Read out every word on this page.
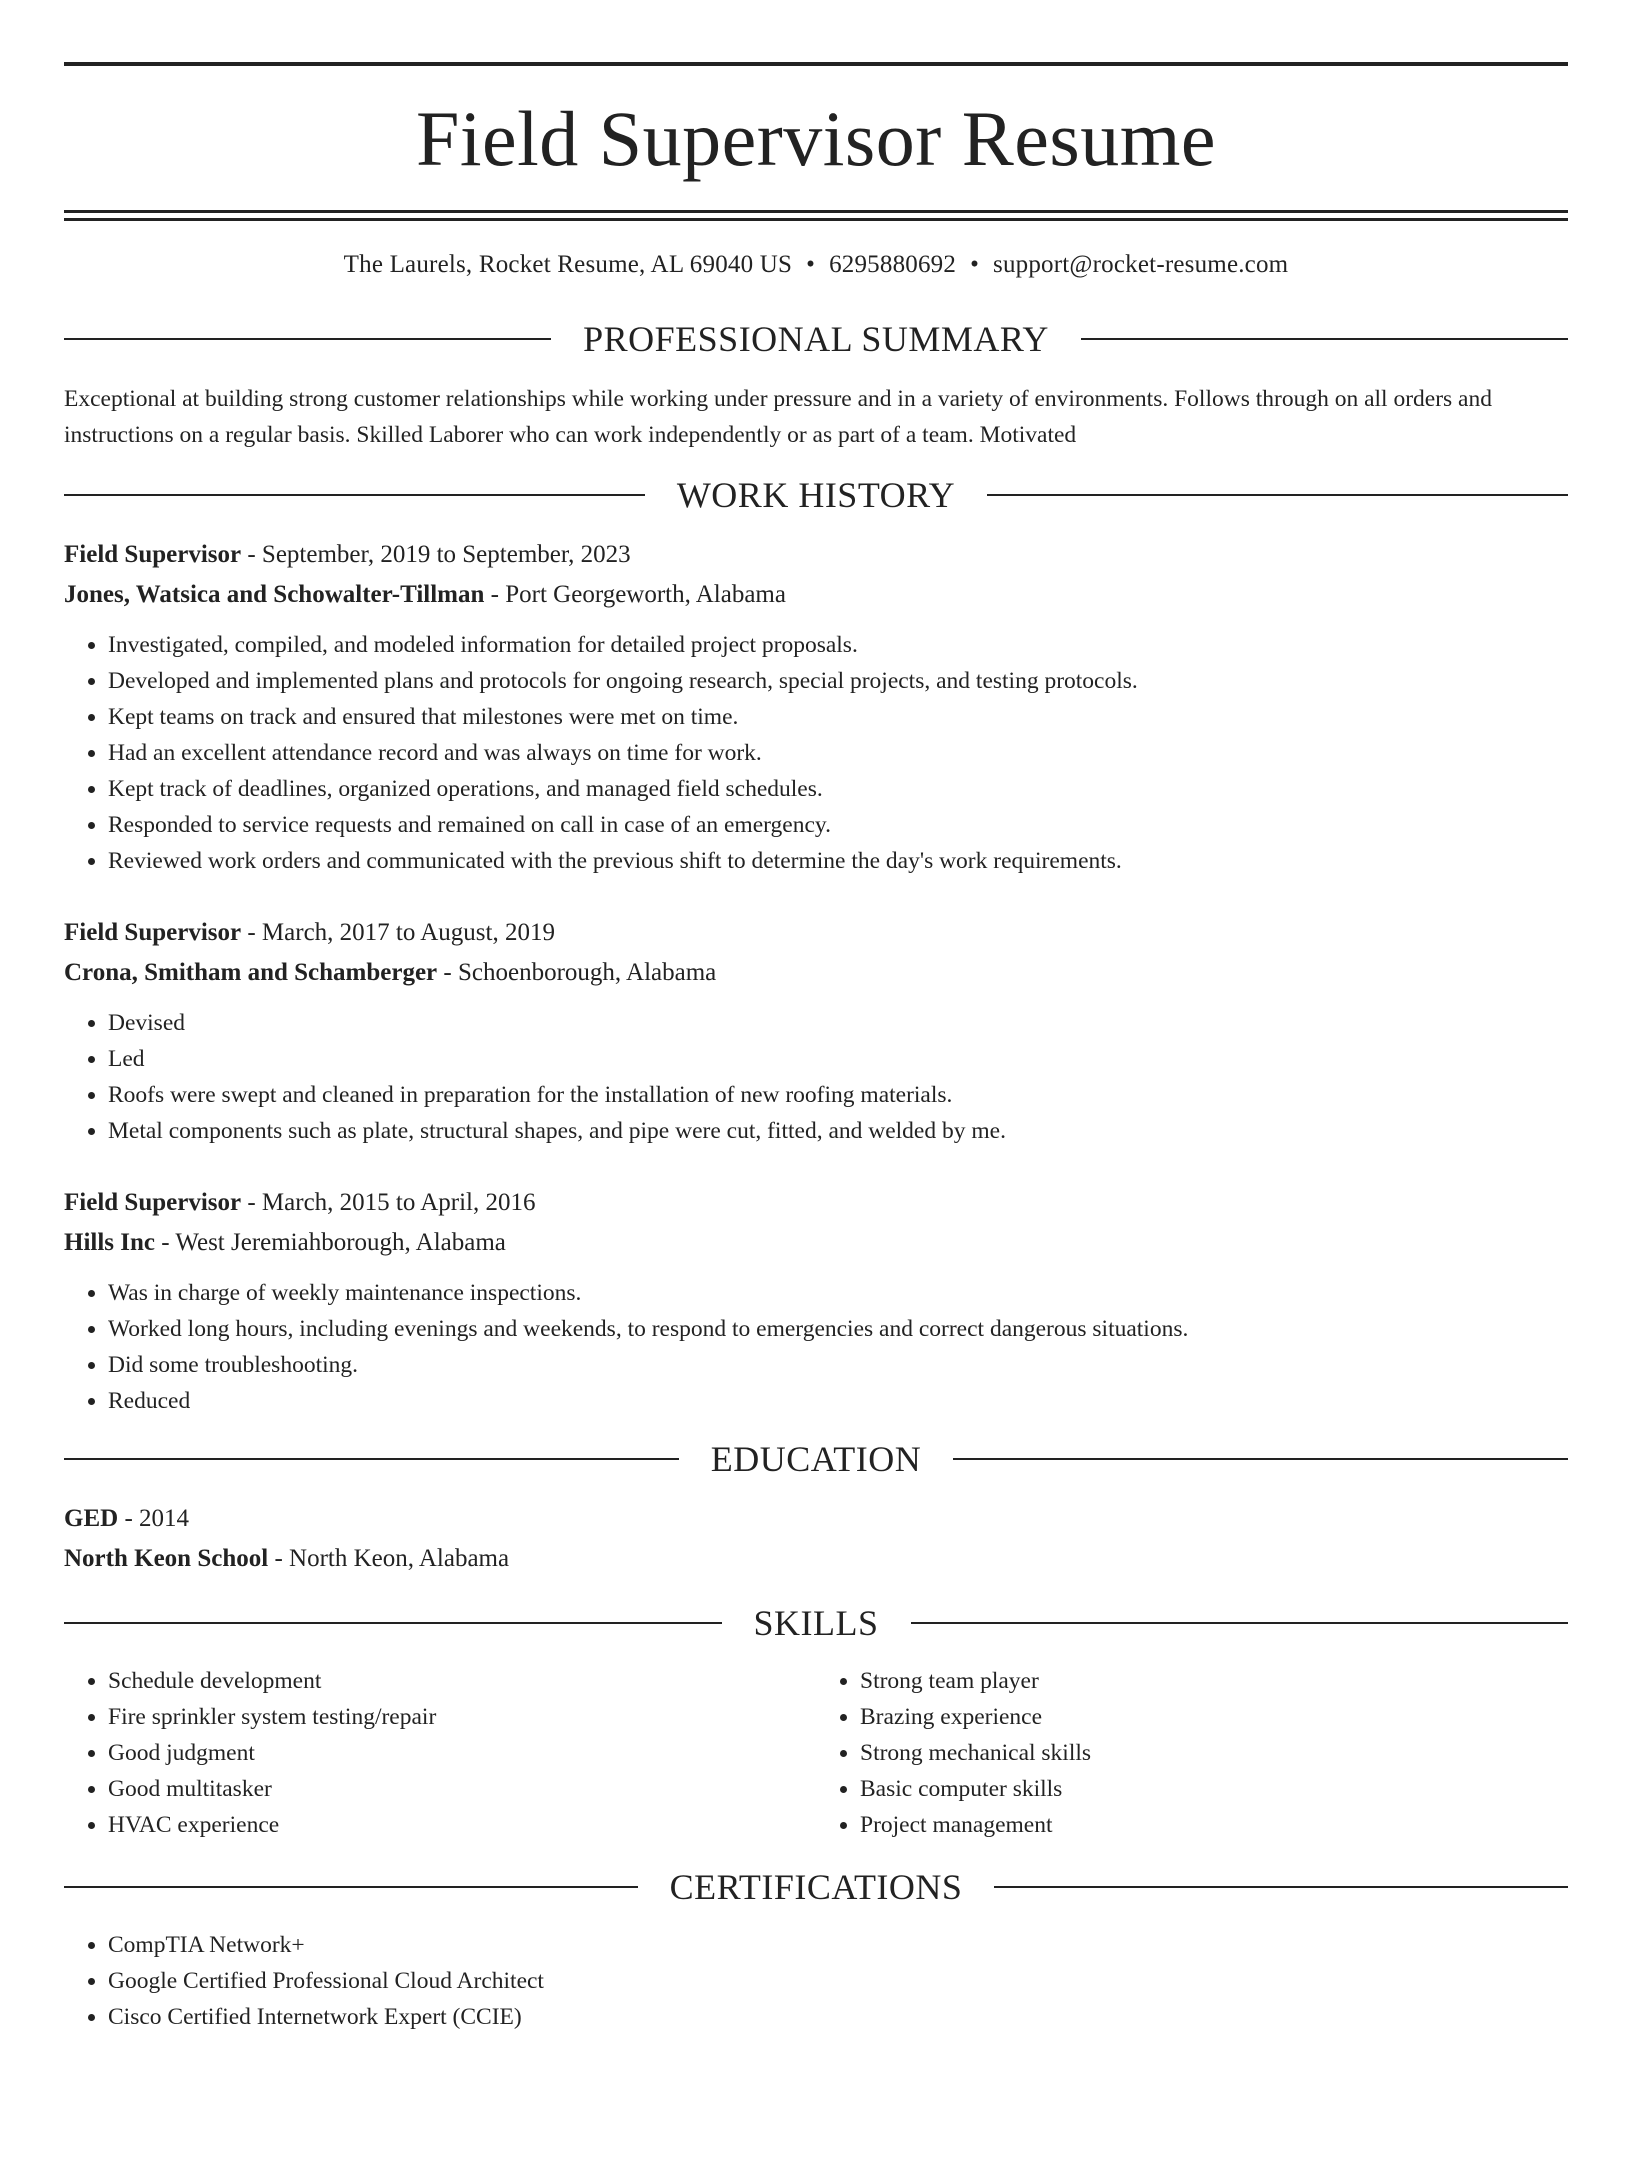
Field Supervisor Resume
The Laurels, Rocket Resume, AL 69040 US • 6295880692 • support@rocket-resume.com
PROFESSIONAL SUMMARY
Exceptional at building strong customer relationships while working under pressure and in a variety of environments. Follows through on all orders and instructions on a regular basis. Skilled Laborer who can work independently or as part of a team. Motivated
WORK HISTORY
Field Supervisor - September, 2019 to September, 2023
Jones, Watsica and Schowalter-Tillman - Port Georgeworth, Alabama
• Investigated, compiled, and modeled information for detailed project proposals.
• Developed and implemented plans and protocols for ongoing research, special projects, and testing protocols.
• Kept teams on track and ensured that milestones were met on time.
• Had an excellent attendance record and was always on time for work.
• Kept track of deadlines, organized operations, and managed field schedules.
• Responded to service requests and remained on call in case of an emergency.
• Reviewed work orders and communicated with the previous shift to determine the day's work requirements.
Field Supervisor - March, 2017 to August, 2019
Crona, Smitham and Schamberger - Schoenborough, Alabama
• Devised
• Led
• Roofs were swept and cleaned in preparation for the installation of new roofing materials.
• Metal components such as plate, structural shapes, and pipe were cut, fitted, and welded by me.
Field Supervisor - March, 2015 to April, 2016
Hills Inc - West Jeremiahborough, Alabama
• Was in charge of weekly maintenance inspections.
• Worked long hours, including evenings and weekends, to respond to emergencies and correct dangerous situations.
• Did some troubleshooting.
• Reduced
EDUCATION
GED - 2014
North Keon School - North Keon, Alabama
SKILLS
• Schedule development
• Fire sprinkler system testing/repair
• Good judgment
• Good multitasker
• HVAC experience
• Strong team player
• Brazing experience
• Strong mechanical skills
• Basic computer skills
• Project management
CERTIFICATIONS
• CompTIA Network+
• Google Certified Professional Cloud Architect
• Cisco Certified Internetwork Expert (CCIE)
